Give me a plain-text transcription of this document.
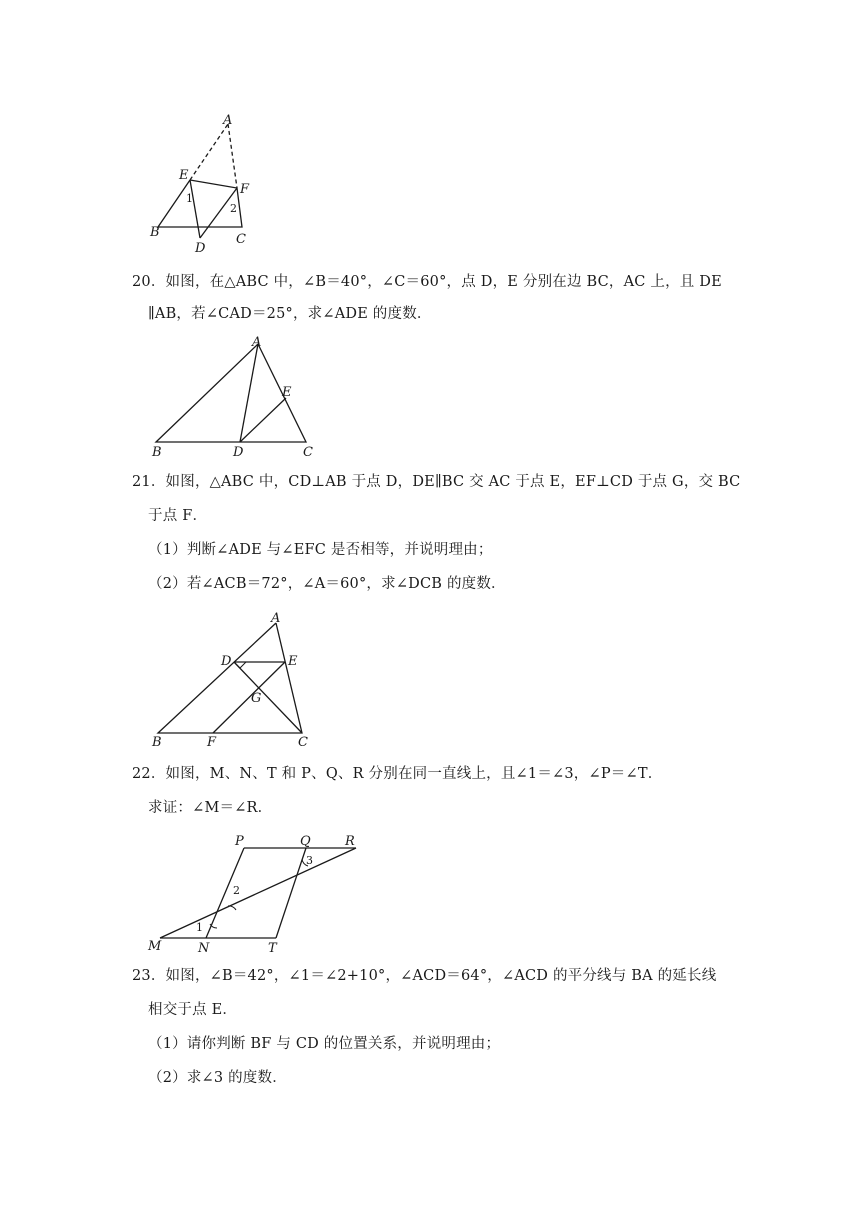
A
E
F
B	C
D
1
2
20．如图，在△ABC 中，∠B＝40°，∠C＝60°，点 D，E 分别在边 BC，AC 上，且 DE
∥AB，若∠CAD＝25°，求∠ADE 的度数．
A
B	C
D
E
21．如图，△ABC 中，CD⊥AB 于点 D，DE∥BC 交 AC 于点 E，EF⊥CD 于点 G，交 BC
于点 F．
（1）判断∠ADE 与∠EFC 是否相等，并说明理由；
（2）若∠ACB＝72°，∠A＝60°，求∠DCB 的度数．
A
D	E
G
B	F	C
22．如图，M、N、T 和 P、Q、R 分别在同一直线上，且∠1＝∠3，∠P＝∠T．
求证：∠M＝∠R．
P	Q	R
M	N	T
1
2
3
23．如图，∠B＝42°，∠1＝∠2+10°，∠ACD＝64°，∠ACD 的平分线与 BA 的延长线
相交于点 E．
（1）请你判断 BF 与 CD 的位置关系，并说明理由；
（2）求∠3 的度数．
